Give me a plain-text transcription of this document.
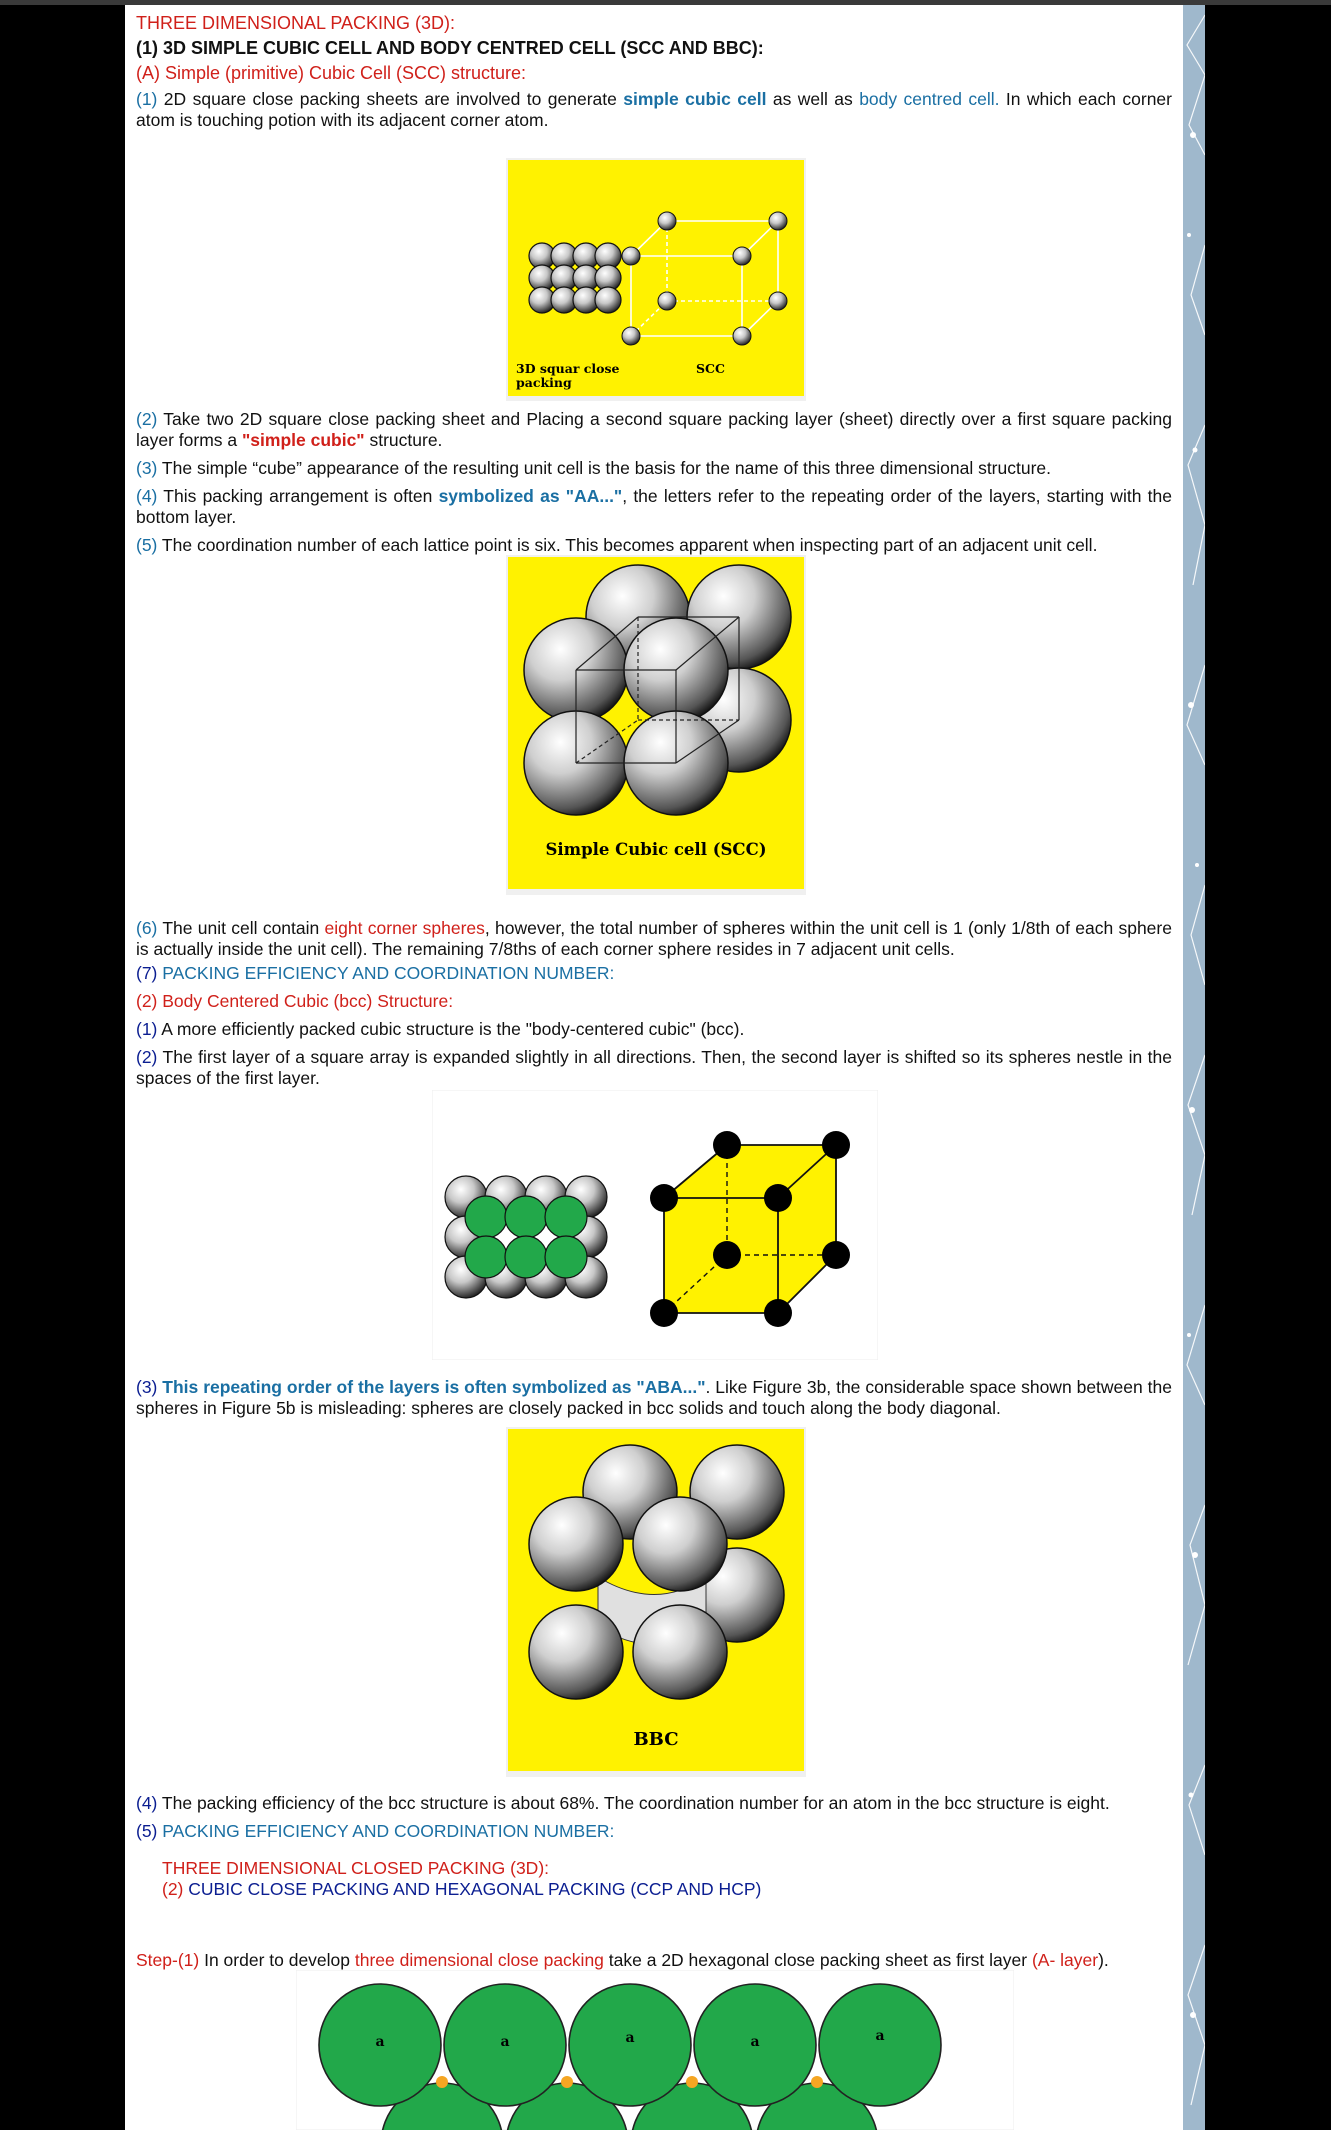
THREE DIMENSIONAL PACKING (3D):
(1) 3D SIMPLE CUBIC CELL AND BODY CENTRED CELL (SCC AND BBC):
(A) Simple (primitive) Cubic Cell (SCC) structure:
(1) 2D square close packing sheets are involved to generate simple cubic cell as well as body centred cell. In which each corner atom is touching potion with its adjacent corner atom.
3D squar close packing
SCC
(2) Take two 2D square close packing sheet and Placing a second square packing layer (sheet) directly over a first square packing layer forms a "simple cubic" structure.
(3) The simple “cube” appearance of the resulting unit cell is the basis for the name of this three dimensional structure.
(4) This packing arrangement is often symbolized as "AA...", the letters refer to the repeating order of the layers, starting with the bottom layer.
(5) The coordination number of each lattice point is six. This becomes apparent when inspecting part of an adjacent unit cell.
Simple Cubic cell (SCC)
(6) The unit cell contain eight corner spheres, however, the total number of spheres within the unit cell is 1 (only 1/8th of each sphere is actually inside the unit cell). The remaining 7/8ths of each corner sphere resides in 7 adjacent unit cells.
(7) PACKING EFFICIENCY AND COORDINATION NUMBER:
(2) Body Centered Cubic (bcc) Structure:
(1) A more efficiently packed cubic structure is the "body-centered cubic" (bcc).
(2) The first layer of a square array is expanded slightly in all directions. Then, the second layer is shifted so its spheres nestle in the spaces of the first layer.
(3) This repeating order of the layers is often symbolized as "ABA...". Like Figure 3b, the considerable space shown between the spheres in Figure 5b is misleading: spheres are closely packed in bcc solids and touch along the body diagonal.
BBC
(4) The packing efficiency of the bcc structure is about 68%. The coordination number for an atom in the bcc structure is eight.
(5) PACKING EFFICIENCY AND COORDINATION NUMBER:
THREE DIMENSIONAL CLOSED PACKING (3D):
(2) CUBIC CLOSE PACKING AND HEXAGONAL PACKING (CCP AND HCP)
Step-(1) In order to develop three dimensional close packing take a 2D hexagonal close packing sheet as first layer (A- layer).
a	a	a	a	a
